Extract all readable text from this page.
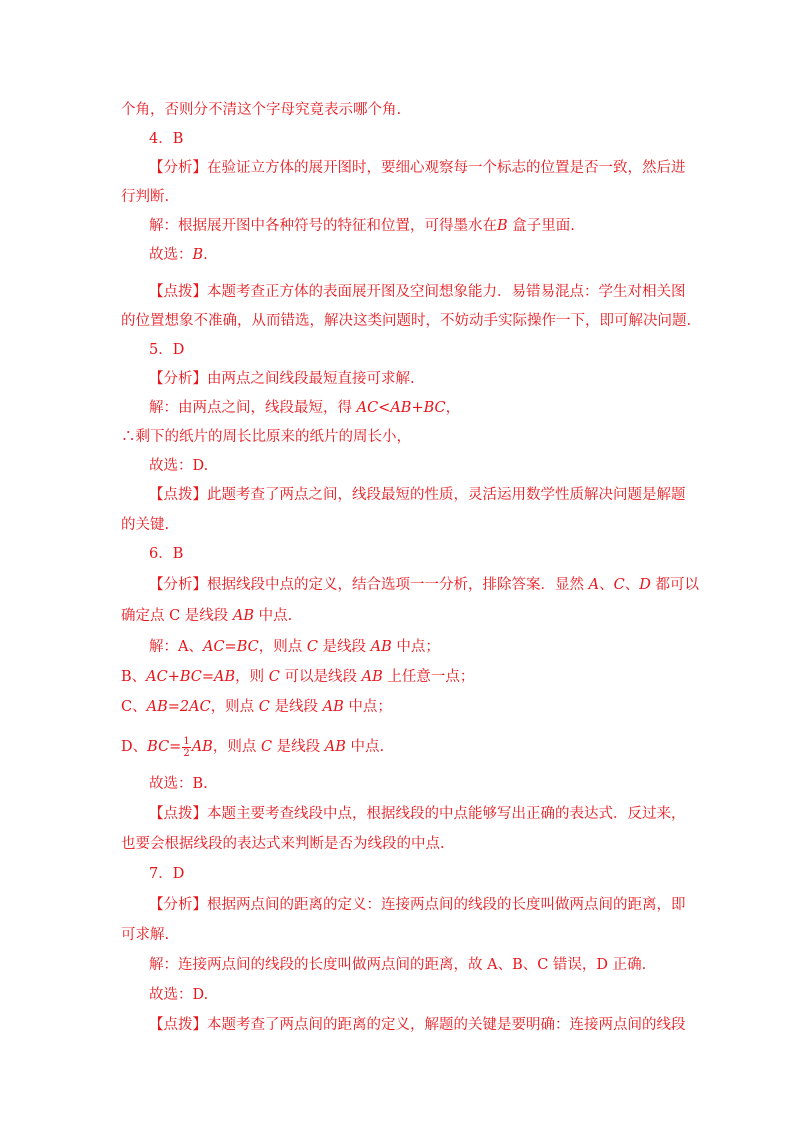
个角，否则分不清这个字母究竟表示哪个角.
4．B
【分析】在验证立方体的展开图时，要细心观察每一个标志的位置是否一致，然后进
行判断.
解：根据展开图中各种符号的特征和位置，可得墨水在B 盒子里面.
故选：B.
【点拨】本题考查正方体的表面展开图及空间想象能力．易错易混点：学生对相关图
的位置想象不准确，从而错选，解决这类问题时，不妨动手实际操作一下，即可解决问题.
5．D
【分析】由两点之间线段最短直接可求解.
解：由两点之间，线段最短，得 AC<AB+BC，
∴剩下的纸片的周长比原来的纸片的周长小，
故选：D.
【点拨】此题考查了两点之间，线段最短的性质，灵活运用数学性质解决问题是解题
的关键.
6．B
【分析】根据线段中点的定义，结合选项一一分析，排除答案．显然 A、C、D 都可以
确定点 C 是线段 AB 中点.
解：A、AC=BC，则点 C 是线段 AB 中点；
B、AC+BC=AB，则 C 可以是线段 AB 上任意一点；
C、AB=2AC，则点 C 是线段 AB 中点；
D、$BC= \frac{1}{2}$ AB，则点 C 是线段 AB 中点.
故选：B.
【点拨】本题主要考查线段中点，根据线段的中点能够写出正确的表达式．反过来，
也要会根据线段的表达式来判断是否为线段的中点.
7．D
【分析】根据两点间的距离的定义：连接两点间的线段的长度叫做两点间的距离，即
可求解.
解：连接两点间的线段的长度叫做两点间的距离，故 A、B、C 错误，D 正确.
故选：D.
【点拨】本题考查了两点间的距离的定义，解题的关键是要明确：连接两点间的线段
